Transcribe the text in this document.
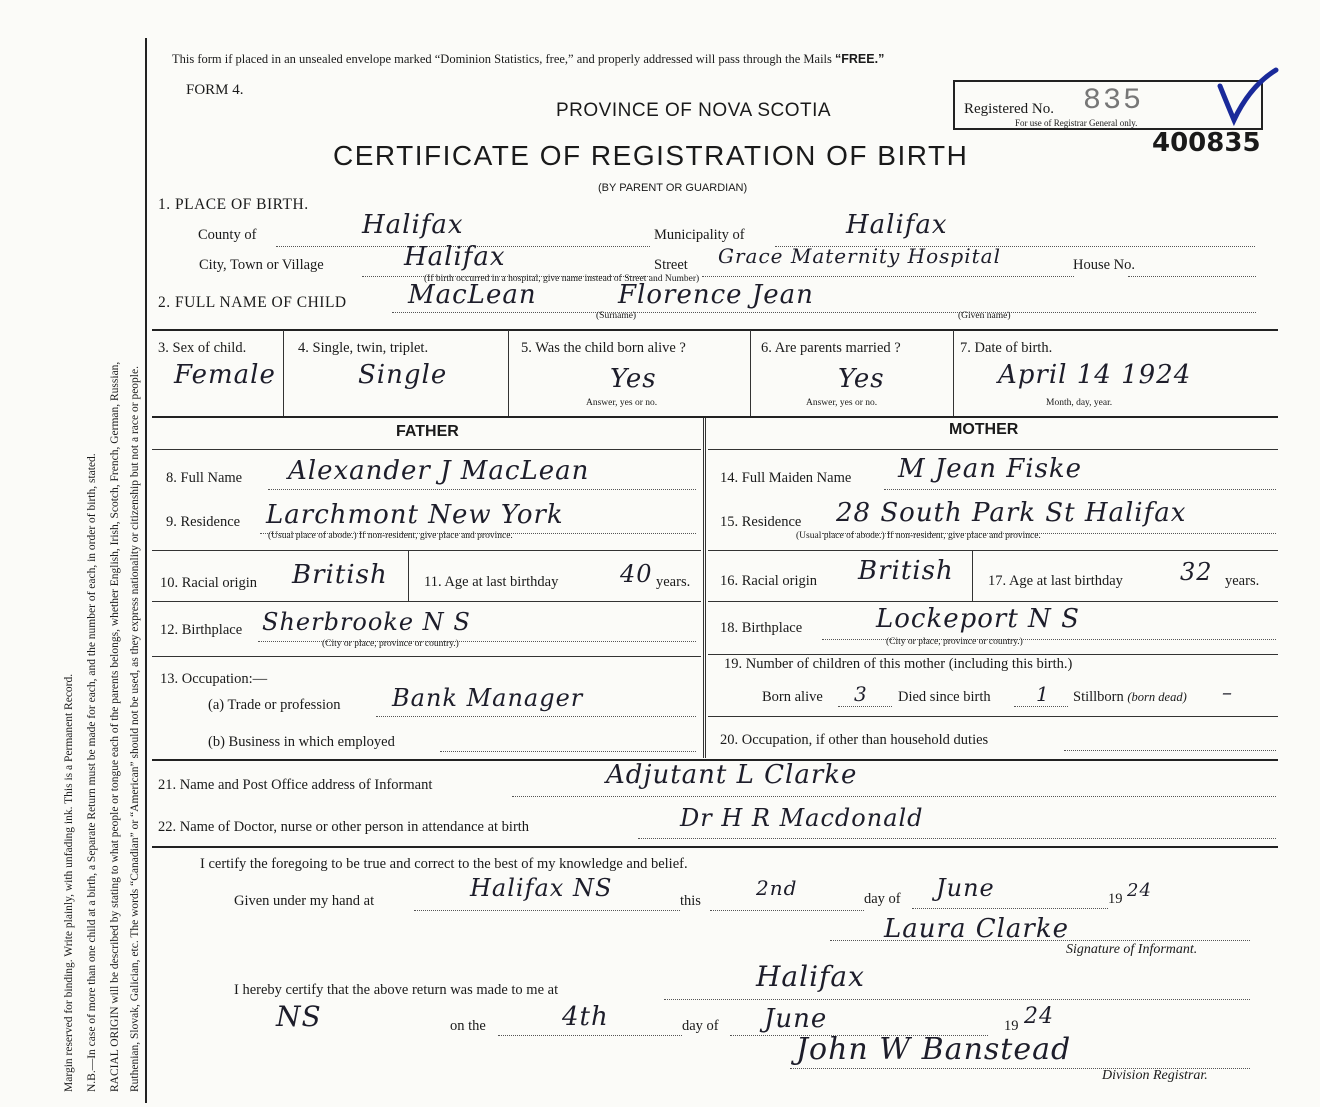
Margin reserved for binding. Write plainly, with unfading ink. This is a Permanent Record. N.B.—In case of more than one child at a birth, a Separate Return must be made for each, and the number of each, in order of birth, stated. RACIAL ORIGIN will be described by stating to what people or tongue each of the parents belongs, whether English, Irish, Scotch, French, German, Russian, Ruthenian, Slovak, Galician, etc. The words “Canadian” or “American” should not be used, as they express nationality or citizenship but not a race or people.
This form if placed in an unsealed envelope marked “Dominion Statistics, free,” and properly addressed will pass through the Mails “FREE.”
FORM 4.
PROVINCE OF NOVA SCOTIA
CERTIFICATE OF REGISTRATION OF BIRTH
(BY PARENT OR GUARDIAN)
Registered No. 835
For use of Registrar General only.
400835
1. PLACE OF BIRTH.
County of	Halifax	Municipality of	Halifax
City, Town or Village	Halifax	Street Grace Maternity Hospital	House No.
(If birth occurred in a hospital, give name instead of Street and Number)
2. FULL NAME OF CHILD MacLean	Florence Jean
(Surname)	(Given name)
3. Sex of child.
Female
4. Single, twin, triplet.
Single
5. Was the child born alive ?
Yes
Answer, yes or no.
6. Are parents married ?
Yes
Answer, yes or no.
7. Date of birth.
April 14 1924
Month, day, year.
FATHER	MOTHER
8. Full Name Alexander J MacLean
9. Residence Larchmont New York
(Usual place of abode.) If non-resident, give place and province.
10. Racial origin British	11. Age at last birthday	40 years.
12. Birthplace Sherbrooke N S
(City or place, province or country.)
13. Occupation:—
(a) Trade or profession Bank Manager
(b) Business in which employed
14. Full Maiden Name M Jean Fiske
15. Residence 28 South Park St Halifax
(Usual place of abode.) If non-resident, give place and province.
16. Racial origin British 17. Age at last birthday 32 years.
18. Birthplace	Lockeport N S
(City or place, province or country.)
19. Number of children of this mother (including this birth.)
Born alive 3 Died since birth 1 Stillborn (born dead) –
20. Occupation, if other than household duties
21. Name and Post Office address of Informant	Adjutant L Clarke
22. Name of Doctor, nurse or other person in attendance at birth	Dr H R Macdonald
I certify the foregoing to be true and correct to the best of my knowledge and belief.
Given under my hand at	Halifax NS	this
2nd	day of June	19 24
Laura Clarke
Signature of Informant.
I hereby certify that the above return was made to me at	Halifax
NS	on the	4th	day of June	19 24
John W Banstead
Division Registrar.
